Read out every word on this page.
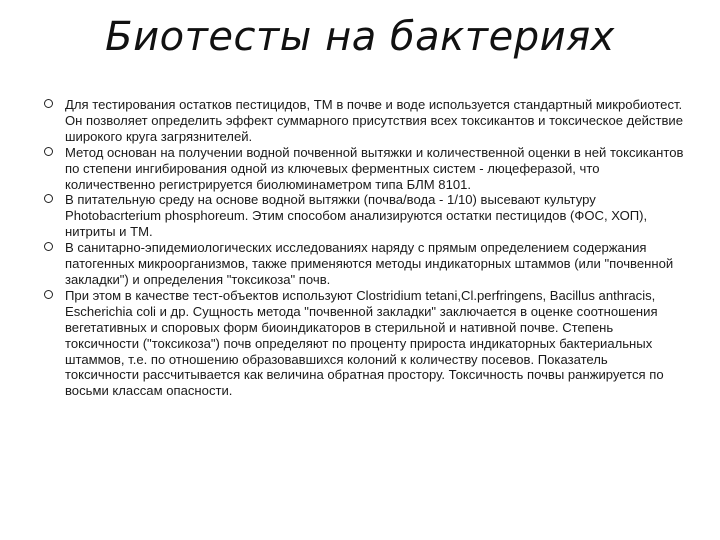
Биотесты на бактериях
Для тестирования остатков пестицидов, ТМ в почве и воде используется стандартный микробиотест. Он позволяет определить эффект суммарного присутствия всех токсикантов и токсическое действие широкого круга загрязнителей.
Метод основан на получении водной почвенной вытяжки и количественной оценки в ней токсикантов по степени ингибирования одной из ключевых ферментных систем - люцеферазой, что количественно регистрируется биолюминаметром типа БЛМ 8101.
В питательную среду на основе водной вытяжки (почва/вода - 1/10) высевают культуру Photobacrterium phosphoreum. Этим способом анализируются остатки пестицидов (ФОС, ХОП), нитриты и ТМ.
В санитарно-эпидемиологических исследованиях наряду с прямым определением содержания патогенных микроорганизмов, также применяются методы индикаторных штаммов (или "почвенной закладки") и определения "токсикоза" почв.
При этом в качестве тест-объектов используют Clostridium tetani,Cl.perfringens, Bacillus anthracis, Escherichia coli и др. Сущность метода "почвенной закладки" заключается в оценке соотношения вегетативных и споровых форм биоиндикаторов в стерильной и нативной почве. Степень токсичности ("токсикоза") почв определяют по проценту прироста индикаторных бактериальных штаммов, т.е. по отношению образовавшихся колоний к количеству посевов. Показатель токсичности рассчитывается как величина обратная простору. Токсичность почвы ранжируется по восьми классам опасности.
